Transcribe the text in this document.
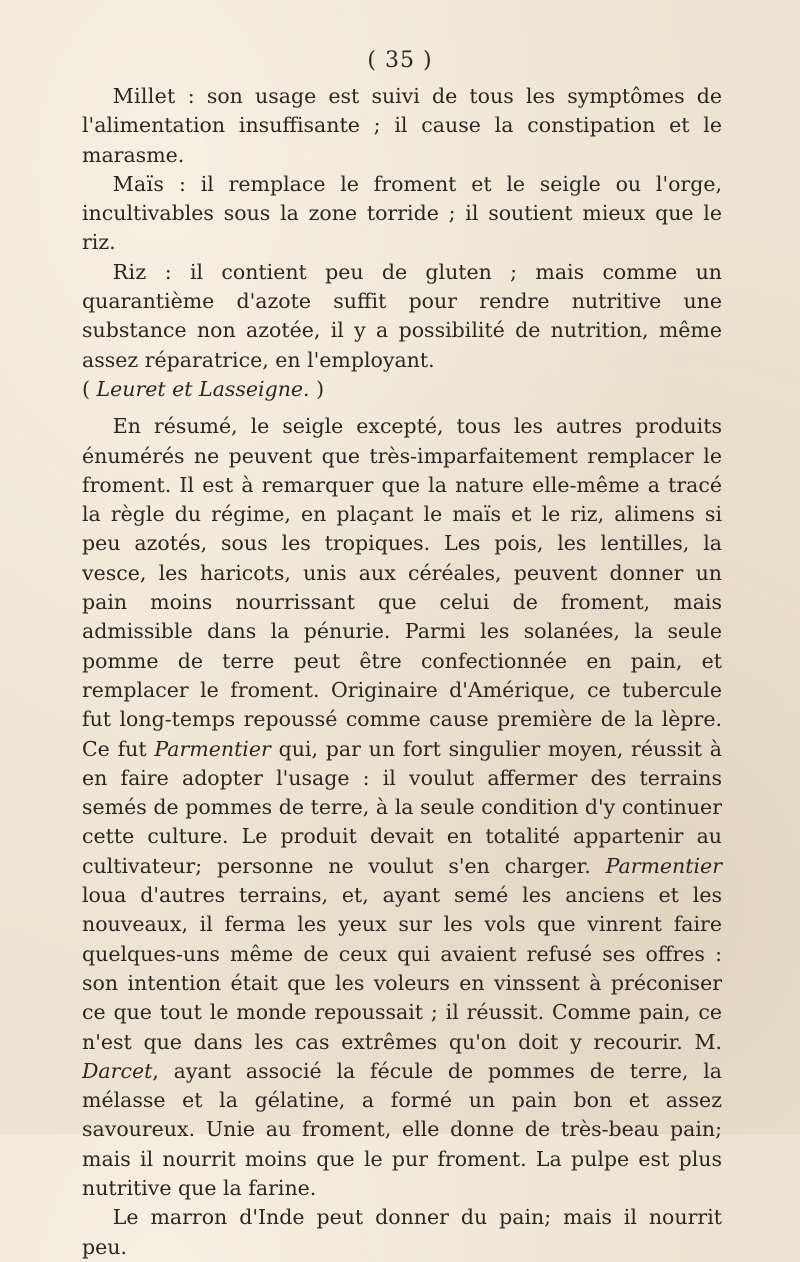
( 35 )

Millet : son usage est suivi de tous les symptômes de l'alimentation insuffisante ; il cause la constipation et le marasme.

Maïs : il remplace le froment et le seigle ou l'orge, incultivables sous la zone torride ; il soutient mieux que le riz.

Riz : il contient peu de gluten ; mais comme un quarantième d'azote suffit pour rendre nutritive une substance non azotée, il y a possibilité de nutrition, même assez réparatrice, en l'employant.
( Leuret et Lasseigne. )

En résumé, le seigle excepté, tous les autres produits énumérés ne peuvent que très-imparfaitement remplacer le froment. Il est à remarquer que la nature elle-même a tracé la règle du régime, en plaçant le maïs et le riz, alimens si peu azotés, sous les tropiques. Les pois, les lentilles, la vesce, les haricots, unis aux céréales, peuvent donner un pain moins nourrissant que celui de froment, mais admissible dans la pénurie. Parmi les solanées, la seule pomme de terre peut être confectionnée en pain, et remplacer le froment. Originaire d'Amérique, ce tubercule fut long-temps repoussé comme cause première de la lèpre. Ce fut Parmentier qui, par un fort singulier moyen, réussit à en faire adopter l'usage : il voulut affermer des terrains semés de pommes de terre, à la seule condition d'y continuer cette culture. Le produit devait en totalité appartenir au cultivateur; personne ne voulut s'en charger. Parmentier loua d'autres terrains, et, ayant semé les anciens et les nouveaux, il ferma les yeux sur les vols que vinrent faire quelques-uns même de ceux qui avaient refusé ses offres : son intention était que les voleurs en vinssent à préconiser ce que tout le monde repoussait ; il réussit. Comme pain, ce n'est que dans les cas extrêmes qu'on doit y recourir. M. Darcet, ayant associé la fécule de pommes de terre, la mélasse et la gélatine, a formé un pain bon et assez savoureux. Unie au froment, elle donne de très-beau pain; mais il nourrit moins que le pur froment. La pulpe est plus nutritive que la farine.

Le marron d'Inde peut donner du pain; mais il nourrit peu.
